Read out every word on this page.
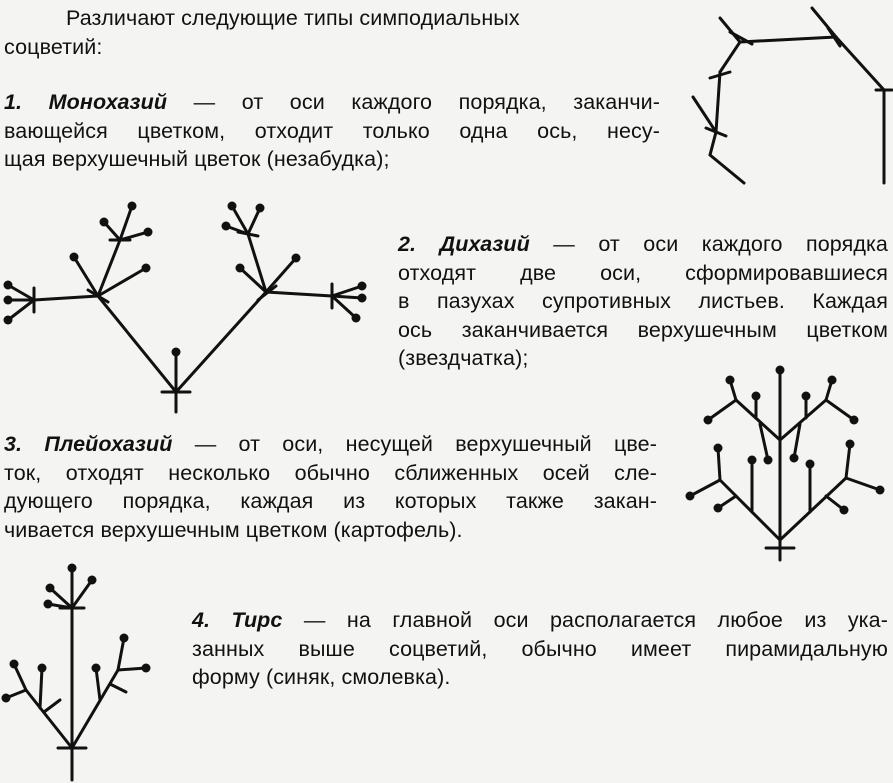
Различают следующие типы симподиальных
соцветий:
1. Монохазий — от оси каждого порядка, заканчи-
вающейся цветком, отходит только одна ось, несу-
щая верхушечный цветок (незабудка);
2. Дихазий — от оси каждого порядка
отходят две оси, сформировавшиеся
в пазухах супротивных листьев. Каждая
ось заканчивается верхушечным цветком
(звездчатка);
3. Плейохазий — от оси, несущей верхушечный цве-
ток, отходят несколько обычно сближенных осей сле-
дующего порядка, каждая из которых также закан-
чивается верхушечным цветком (картофель).
4. Тирс — на главной оси располагается любое из ука-
занных выше соцветий, обычно имеет пирамидальную
форму (синяк, смолевка).
